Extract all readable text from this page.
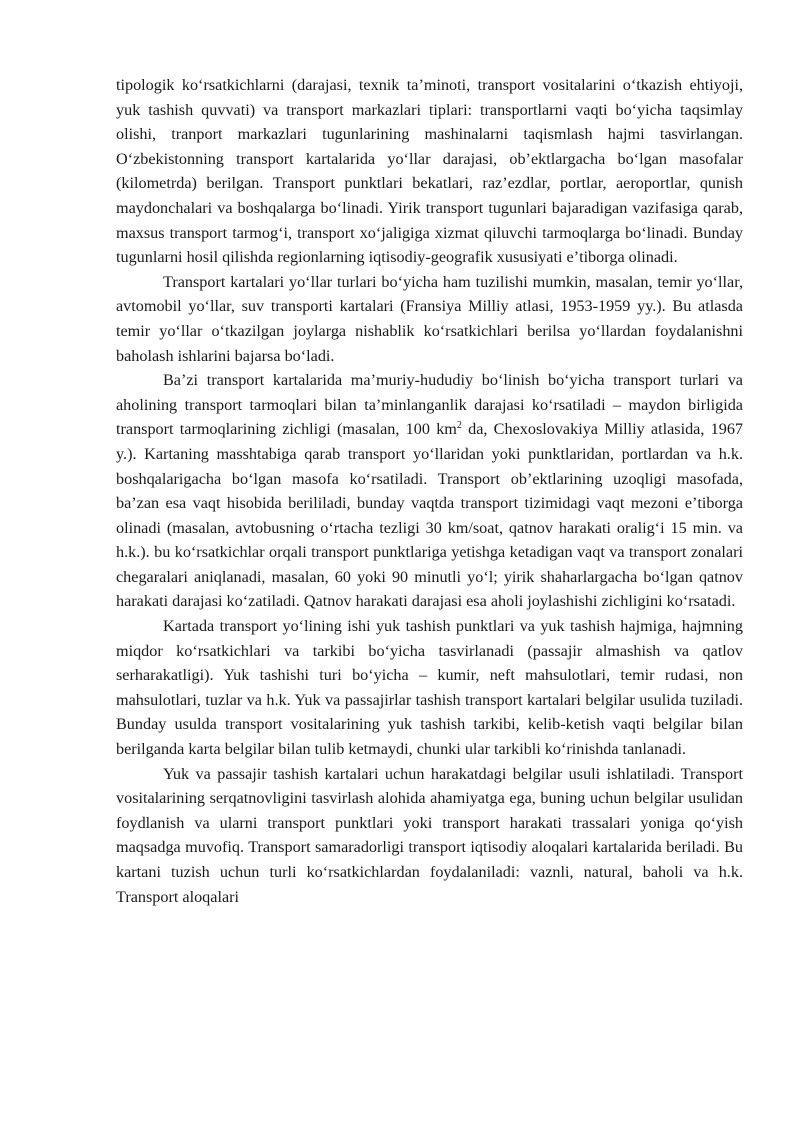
tipologik koʻrsatkichlarni (darajasi, texnik taʼminoti, transport vositalarini oʻtkazish ehtiyoji, yuk tashish quvvati) va transport markazlari tiplari: transportlarni vaqti boʻyicha taqsimlay olishi, tranport markazlari tugunlarining mashinalarni taqismlash hajmi tasvirlangan. Oʻzbekistonning transport kartalarida yoʻllar darajasi, obʼektlargacha boʻlgan masofalar (kilometrda) berilgan. Transport punktlari bekatlari, razʼezdlar, portlar, aeroportlar, qunish maydonchalari va boshqalarga boʻlinadi. Yirik transport tugunlari bajaradigan vazifasiga qarab, maxsus transport tarmogʻi, transport xoʻjaligiga xizmat qiluvchi tarmoqlarga boʻlinadi. Bunday tugunlarni hosil qilishda regionlarning iqtisodiy-geografik xususiyati eʼtiborga olinadi.

Transport kartalari yoʻllar turlari boʻyicha ham tuzilishi mumkin, masalan, temir yoʻllar, avtomobil yoʻllar, suv transporti kartalari (Fransiya Milliy atlasi, 1953-1959 yy.). Bu atlasda temir yoʻllar oʻtkazilgan joylarga nishablik koʻrsatkichlari berilsa yoʻllardan foydalanishni baholash ishlarini bajarsa boʻladi.

Baʼzi transport kartalarida maʼmuriy-hududiy boʻlinish boʻyicha transport turlari va aholining transport tarmoqlari bilan taʼminlanganlik darajasi koʻrsatiladi – maydon birligida transport tarmoqlarining zichligi (masalan, 100 $km^2$ da, Chexoslovakiya Milliy atlasida, 1967 y.). Kartaning masshtabiga qarab transport yoʻllaridan yoki punktlaridan, portlardan va h.k. boshqalarigacha boʻlgan masofa koʻrsatiladi. Transport obʼektlarining uzoqligi masofada, baʼzan esa vaqt hisobida berililadi, bunday vaqtda transport tizimidagi vaqt mezoni eʼtiborga olinadi (masalan, avtobusning oʻrtacha tezligi 30 km/soat, qatnov harakati oraligʻi 15 min. va h.k.). bu koʻrsatkichlar orqali transport punktlariga yetishga ketadigan vaqt va transport zonalari chegaralari aniqlanadi, masalan, 60 yoki 90 minutli yoʻl; yirik shaharlargacha boʻlgan qatnov harakati darajasi koʻzatiladi. Qatnov harakati darajasi esa aholi joylashishi zichligini koʻrsatadi.

Kartada transport yoʻlining ishi yuk tashish punktlari va yuk tashish hajmiga, hajmning miqdor koʻrsatkichlari va tarkibi boʻyicha tasvirlanadi (passajir almashish va qatlov serharakatligi). Yuk tashishi turi boʻyicha – kumir, neft mahsulotlari, temir rudasi, non mahsulotlari, tuzlar va h.k. Yuk va passajirlar tashish transport kartalari belgilar usulida tuziladi. Bunday usulda transport vositalarining yuk tashish tarkibi, kelib-ketish vaqti belgilar bilan berilganda karta belgilar bilan tulib ketmaydi, chunki ular tarkibli koʻrinishda tanlanadi.

Yuk va passajir tashish kartalari uchun harakatdagi belgilar usuli ishlatiladi. Transport vositalarining serqatnovligini tasvirlash alohida ahamiyatga ega, buning uchun belgilar usulidan foydlanish va ularni transport punktlari yoki transport harakati trassalari yoniga qoʻyish maqsadga muvofiq. Transport samaradorligi transport iqtisodiy aloqalari kartalarida beriladi. Bu kartani tuzish uchun turli koʻrsatkichlardan foydalaniladi: vaznli, natural, baholi va h.k. Transport aloqalari
